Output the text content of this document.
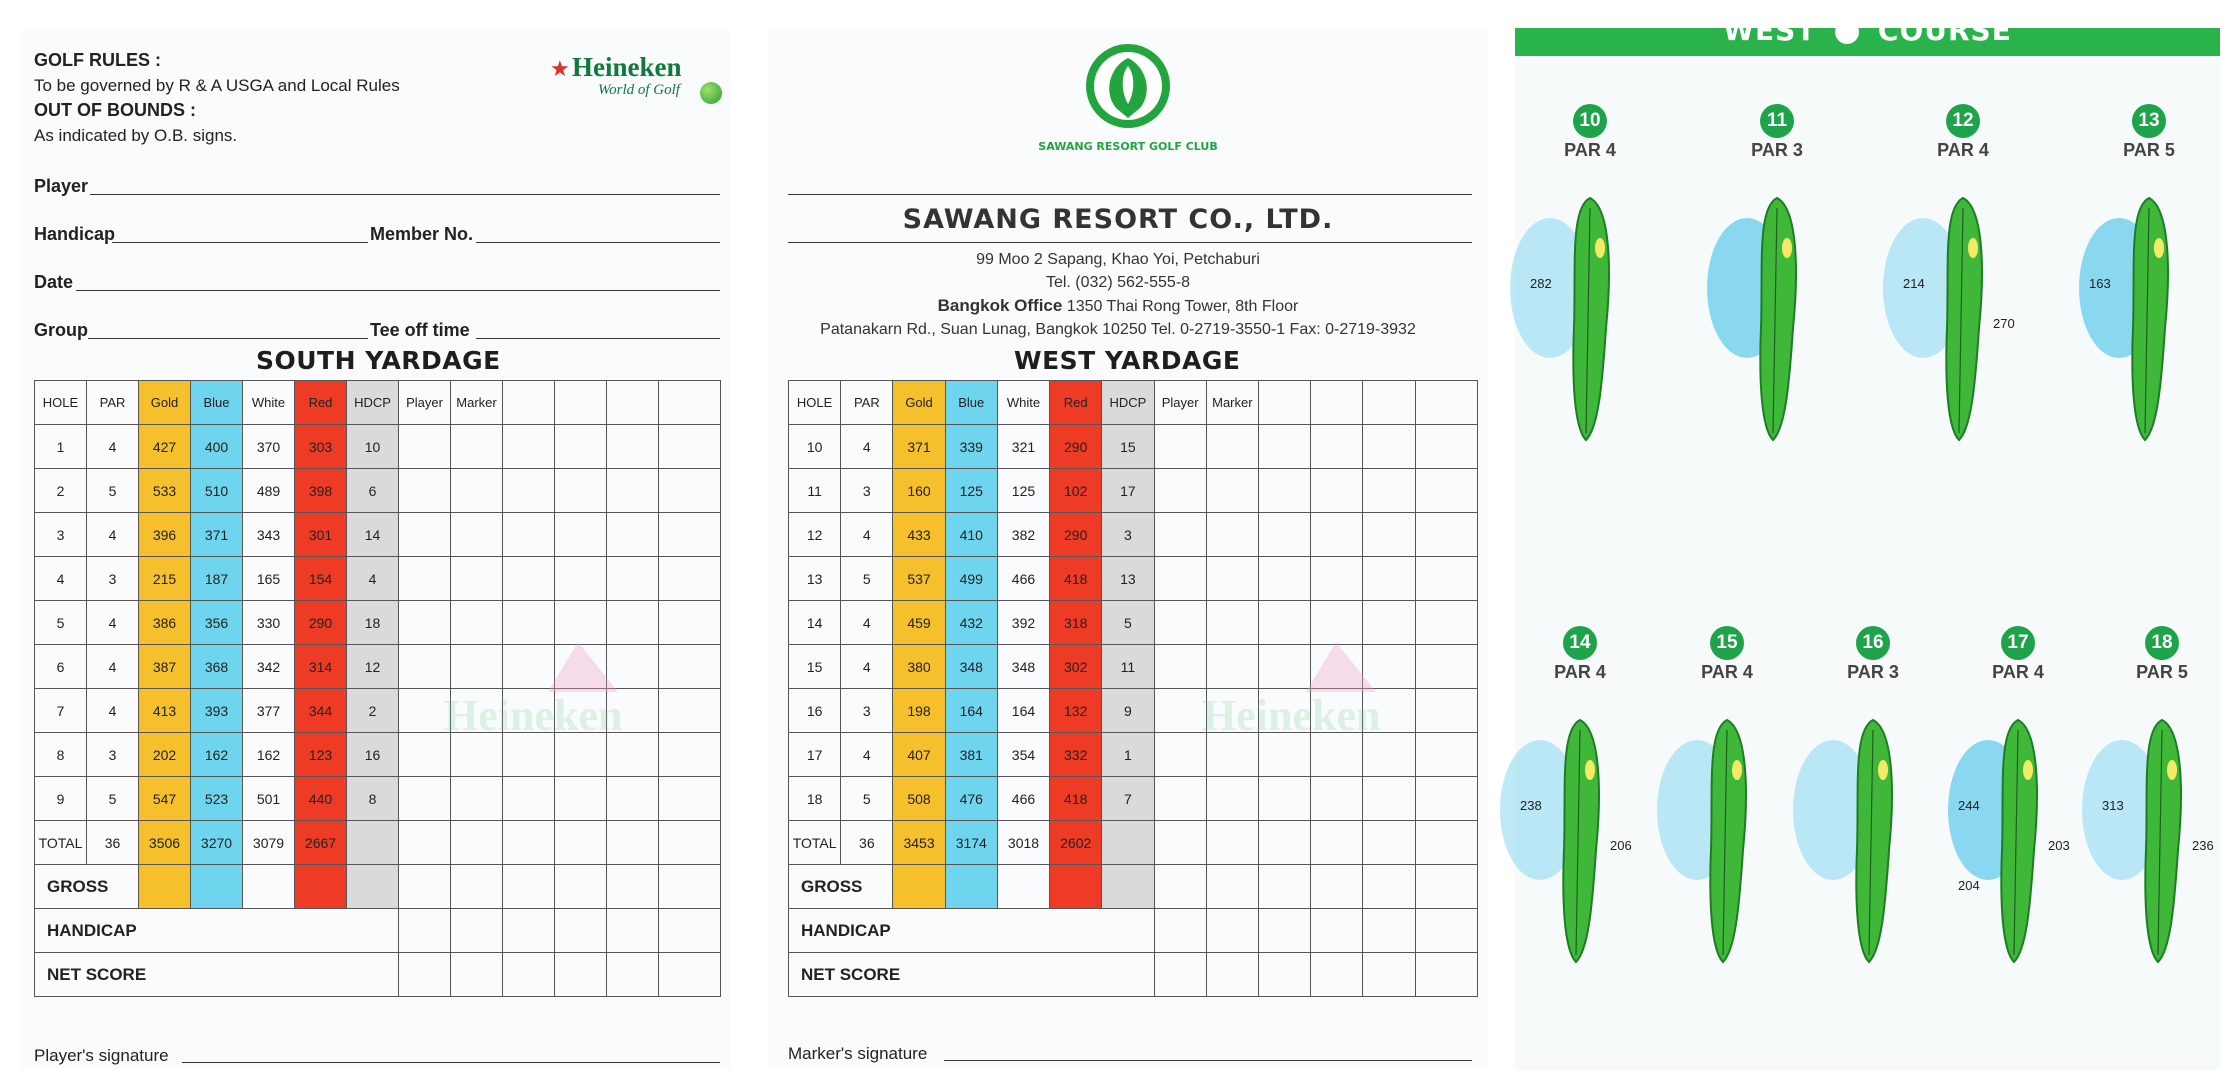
GOLF RULES :
To be governed by R & A USGA and Local Rules
OUT OF BOUNDS :
As indicated by O.B. signs.
★ Heineken
World of Golf
Player
Handicap	Member No.
Date
Group	Tee off time
SOUTH YARDAGE
HOLE	PAR	Gold	Blue	White	Red	HDCP	Player	Marker				
1	4	427	400	370	303	10						
2	5	533	510	489	398	6						
3	4	396	371	343	301	14						
4	3	215	187	165	154	4						
5	4	386	356	330	290	18						
6	4	387	368	342	314	12						
7	4	413	393	377	344	2						
8	3	202	162	162	123	16						
9	5	547	523	501	440	8						
TOTAL	36	3506	3270	3079	2667							
GROSS												
HANDICAP												
NET SCORE												
Heineken
Player's signature
SAWANG RESORT GOLF CLUB
SAWANG RESORT CO., LTD.
99 Moo 2 Sapang, Khao Yoi, Petchaburi
Tel. (032) 562-555-8
Bangkok Office 1350 Thai Rong Tower, 8th Floor
Patanakarn Rd., Suan Lunag, Bangkok 10250 Tel. 0-2719-3550-1 Fax: 0-2719-3932
WEST YARDAGE
HOLE	PAR	Gold	Blue	White	Red	HDCP	Player	Marker				
10	4	371	339	321	290	15						
11	3	160	125	125	102	17						
12	4	433	410	382	290	3						
13	5	537	499	466	418	13						
14	4	459	432	392	318	5						
15	4	380	348	348	302	11						
16	3	198	164	164	132	9						
17	4	407	381	354	332	1						
18	5	508	476	466	418	7						
TOTAL	36	3453	3174	3018	2602							
GROSS												
HANDICAP												
NET SCORE												
Heineken
Marker's signature
WEST COURSE
10
PAR 4
282
11
PAR 3
12
PAR 4
214
270
13
PAR 5
163
14
PAR 4
238
206
15
PAR 4
16
PAR 3
17
PAR 4
244
203
204
18
PAR 5
313
236
